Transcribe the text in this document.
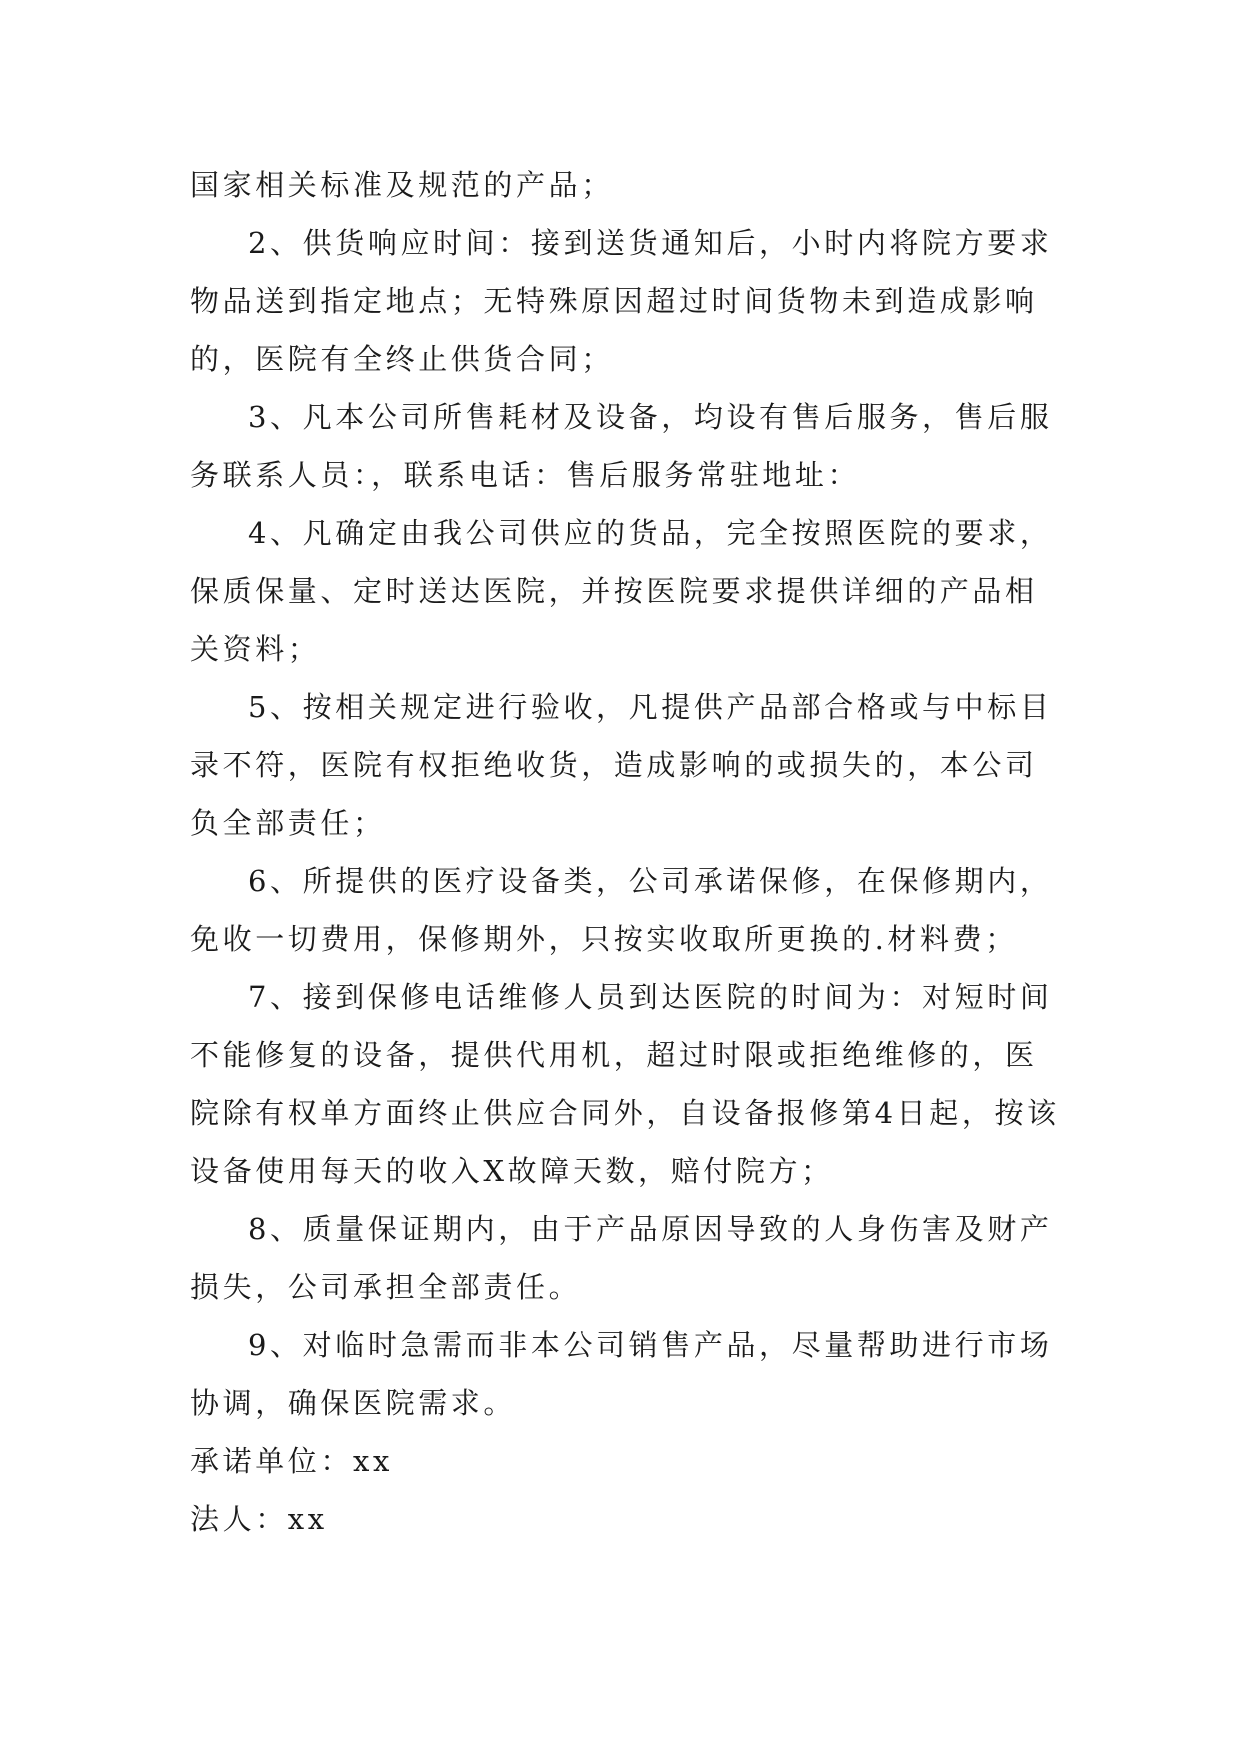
国家相关标准及规范的产品；

2、供货响应时间：接到送货通知后，小时内将院方要求物品送到指定地点；无特殊原因超过时间货物未到造成影响的，医院有全终止供货合同；

3、凡本公司所售耗材及设备，均设有售后服务，售后服务联系人员：，联系电话：售后服务常驻地址：

4、凡确定由我公司供应的货品，完全按照医院的要求，保质保量、定时送达医院，并按医院要求提供详细的产品相关资料；

5、按相关规定进行验收，凡提供产品部合格或与中标目录不符，医院有权拒绝收货，造成影响的或损失的，本公司负全部责任；

6、所提供的医疗设备类，公司承诺保修，在保修期内，免收一切费用，保修期外，只按实收取所更换的.材料费；

7、接到保修电话维修人员到达医院的时间为：对短时间不能修复的设备，提供代用机，超过时限或拒绝维修的，医院除有权单方面终止供应合同外，自设备报修第4日起，按该设备使用每天的收入X故障天数，赔付院方；

8、质量保证期内，由于产品原因导致的人身伤害及财产损失，公司承担全部责任。

9、对临时急需而非本公司销售产品，尽量帮助进行市场协调，确保医院需求。

承诺单位：xx

法人：xx
